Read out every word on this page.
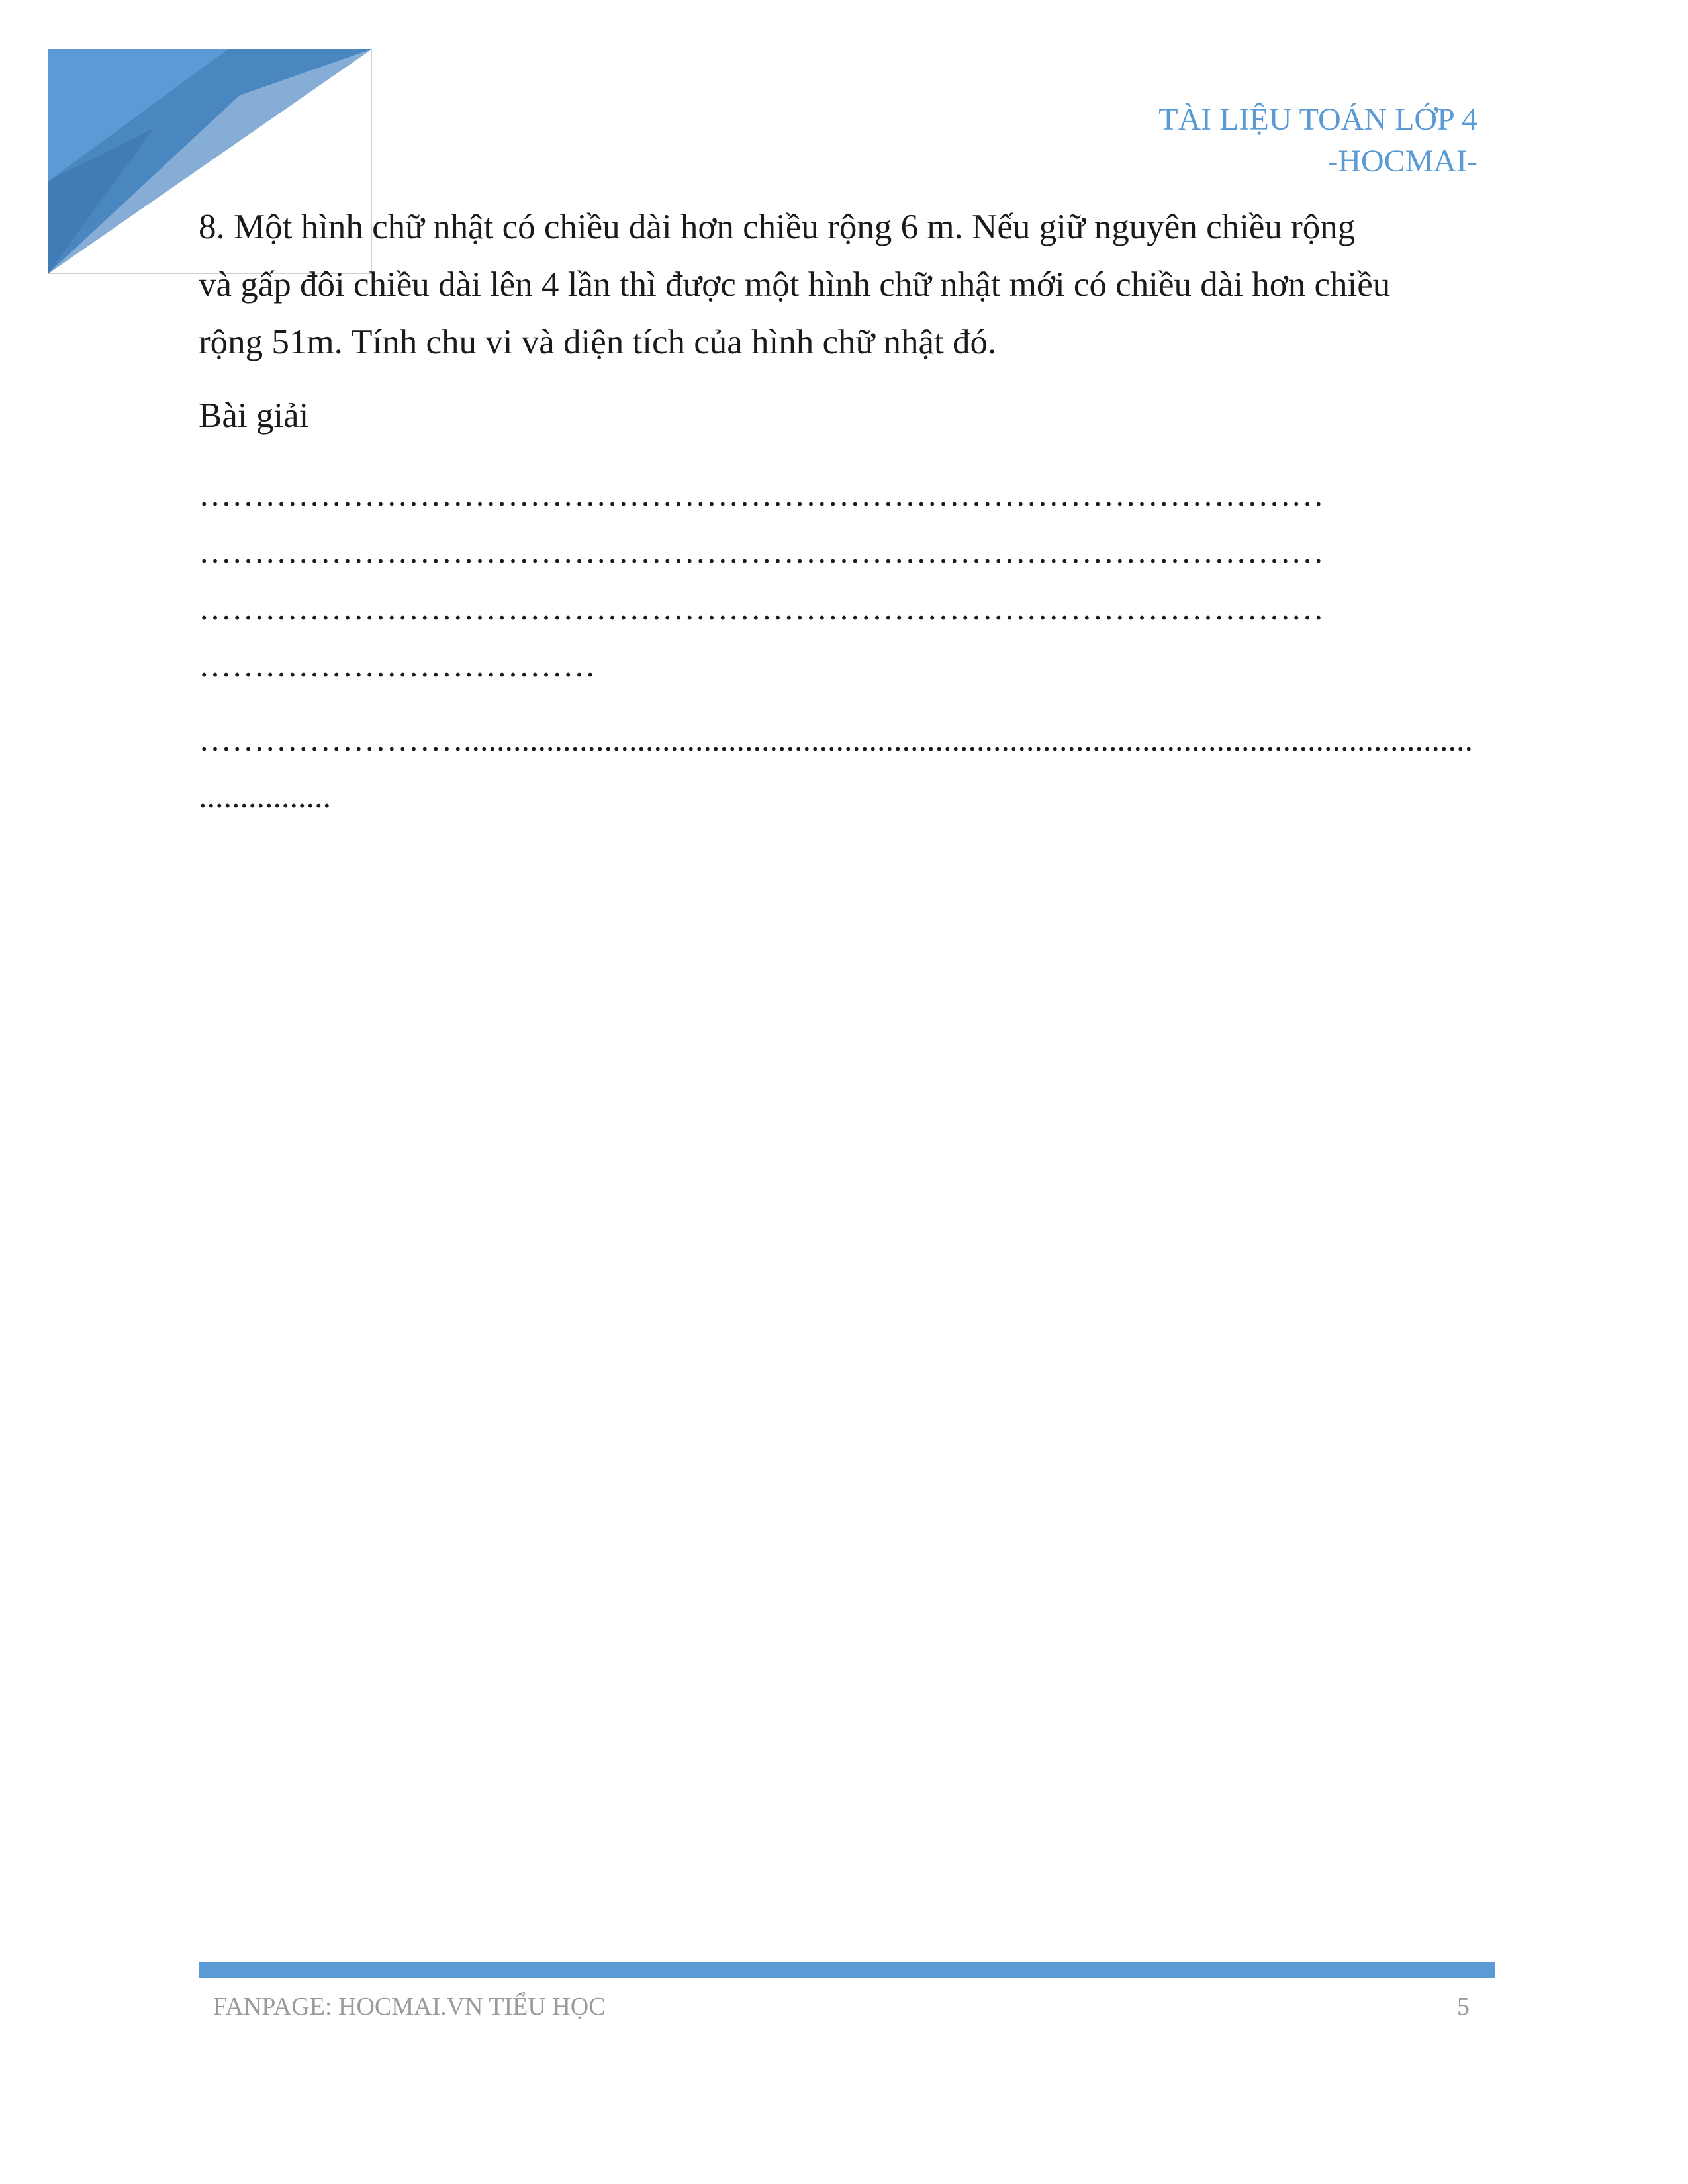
TÀI LIỆU TOÁN LỚP 4
-HOCMAI-
8. Một hình chữ nhật có chiều dài hơn chiều rộng 6 m. Nếu giữ nguyên chiều rộng
và gấp đôi chiều dài lên 4 lần thì được một hình chữ nhật mới có chiều dài hơn chiều
rộng 51m. Tính chu vi và diện tích của hình chữ nhật đó.
Bài giải
…………………………………………………………………………………………
…………………………………………………………………………………………
…………………………………………………………………………………………
………………………………
……………………..........................................................................................................................
................
FANPAGE: HOCMAI.VN TIỂU HỌC	5
